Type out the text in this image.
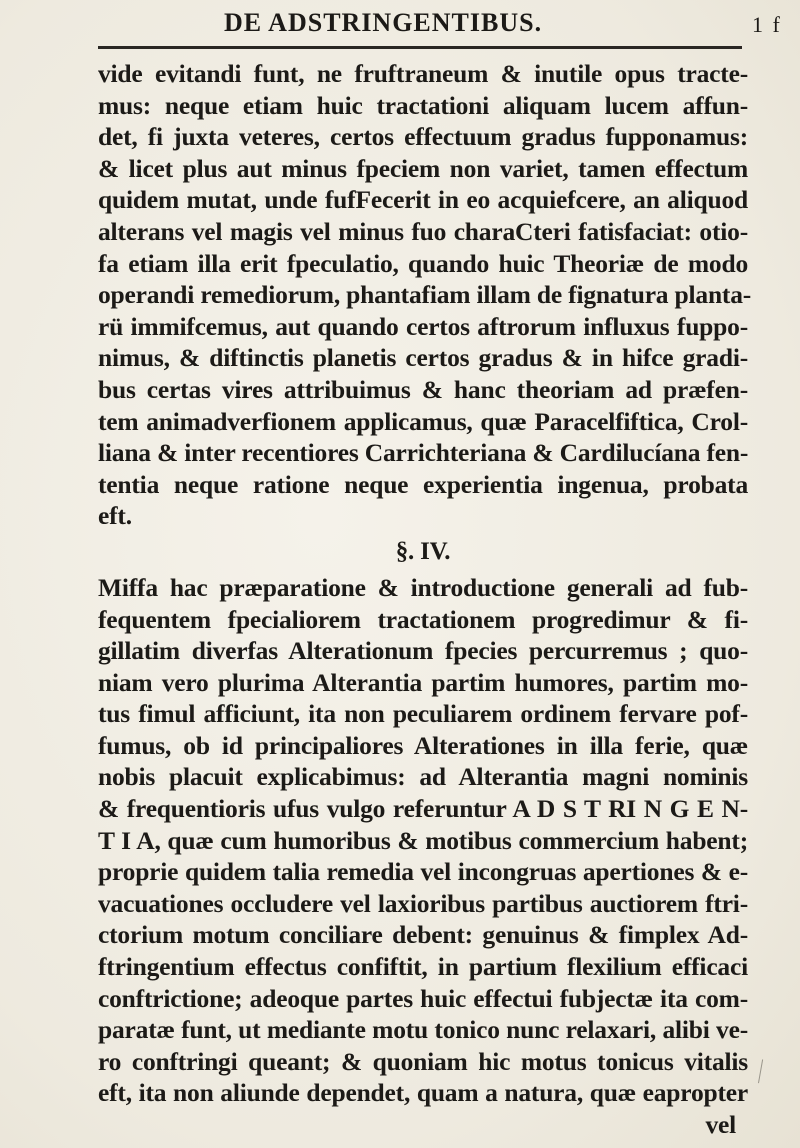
DE ADSTRINGENTIBUS.	1 f
vide evitandi funt, ne fruftraneum & inutile opus tracte-
mus: neque etiam huic tractationi aliquam lucem affun-
det, fi juxta veteres, certos effectuum gradus fupponamus:
& licet plus aut minus fpeciem non variet, tamen effectum
quidem mutat, unde fufFecerit in eo acquiefcere, an aliquod
alterans vel magis vel minus fuo charaCteri fatisfaciat: otio-
fa etiam illa erit fpeculatio, quando huic Theoriæ de modo
operandi remediorum, phantafiam illam de fignatura planta-
rü immifcemus, aut quando certos aftrorum influxus fuppo-
nimus, & diftinctis planetis certos gradus & in hifce gradi-
bus certas vires attribuimus & hanc theoriam ad præfen-
tem animadverfionem applicamus, quæ Paracelfiftica, Crol-
liana & inter recentiores Carrichteriana & Cardilucíana fen-
tentia neque ratione neque experientia ingenua, probata
eft.
§. IV.
Miffa hac præparatione & introductione generali ad fub-
fequentem fpecialiorem tractationem progredimur & fi-
gillatim diverfas Alterationum fpecies percurremus ; quo-
niam vero plurima Alterantia partim humores, partim mo-
tus fimul afficiunt, ita non peculiarem ordinem fervare pof-
fumus, ob id principaliores Alterationes in illa ferie, quæ
nobis placuit explicabimus: ad Alterantia magni nominis
& frequentioris ufus vulgo referuntur A D S T RI N G E N-
T I A, quæ cum humoribus & motibus commercium habent;
proprie quidem talia remedia vel incongruas apertiones & e-
vacuationes occludere vel laxioribus partibus auctiorem ftri-
ctorium motum conciliare debent: genuinus & fimplex Ad-
ftringentium effectus confiftit, in partium flexilium efficaci
conftrictione; adeoque partes huic effectui fubjectæ ita com-
paratæ funt, ut mediante motu tonico nunc relaxari, alibi ve-
ro conftringi queant; & quoniam hic motus tonicus vitalis
eft, ita non aliunde dependet, quam a natura, quæ eapropter
vel
